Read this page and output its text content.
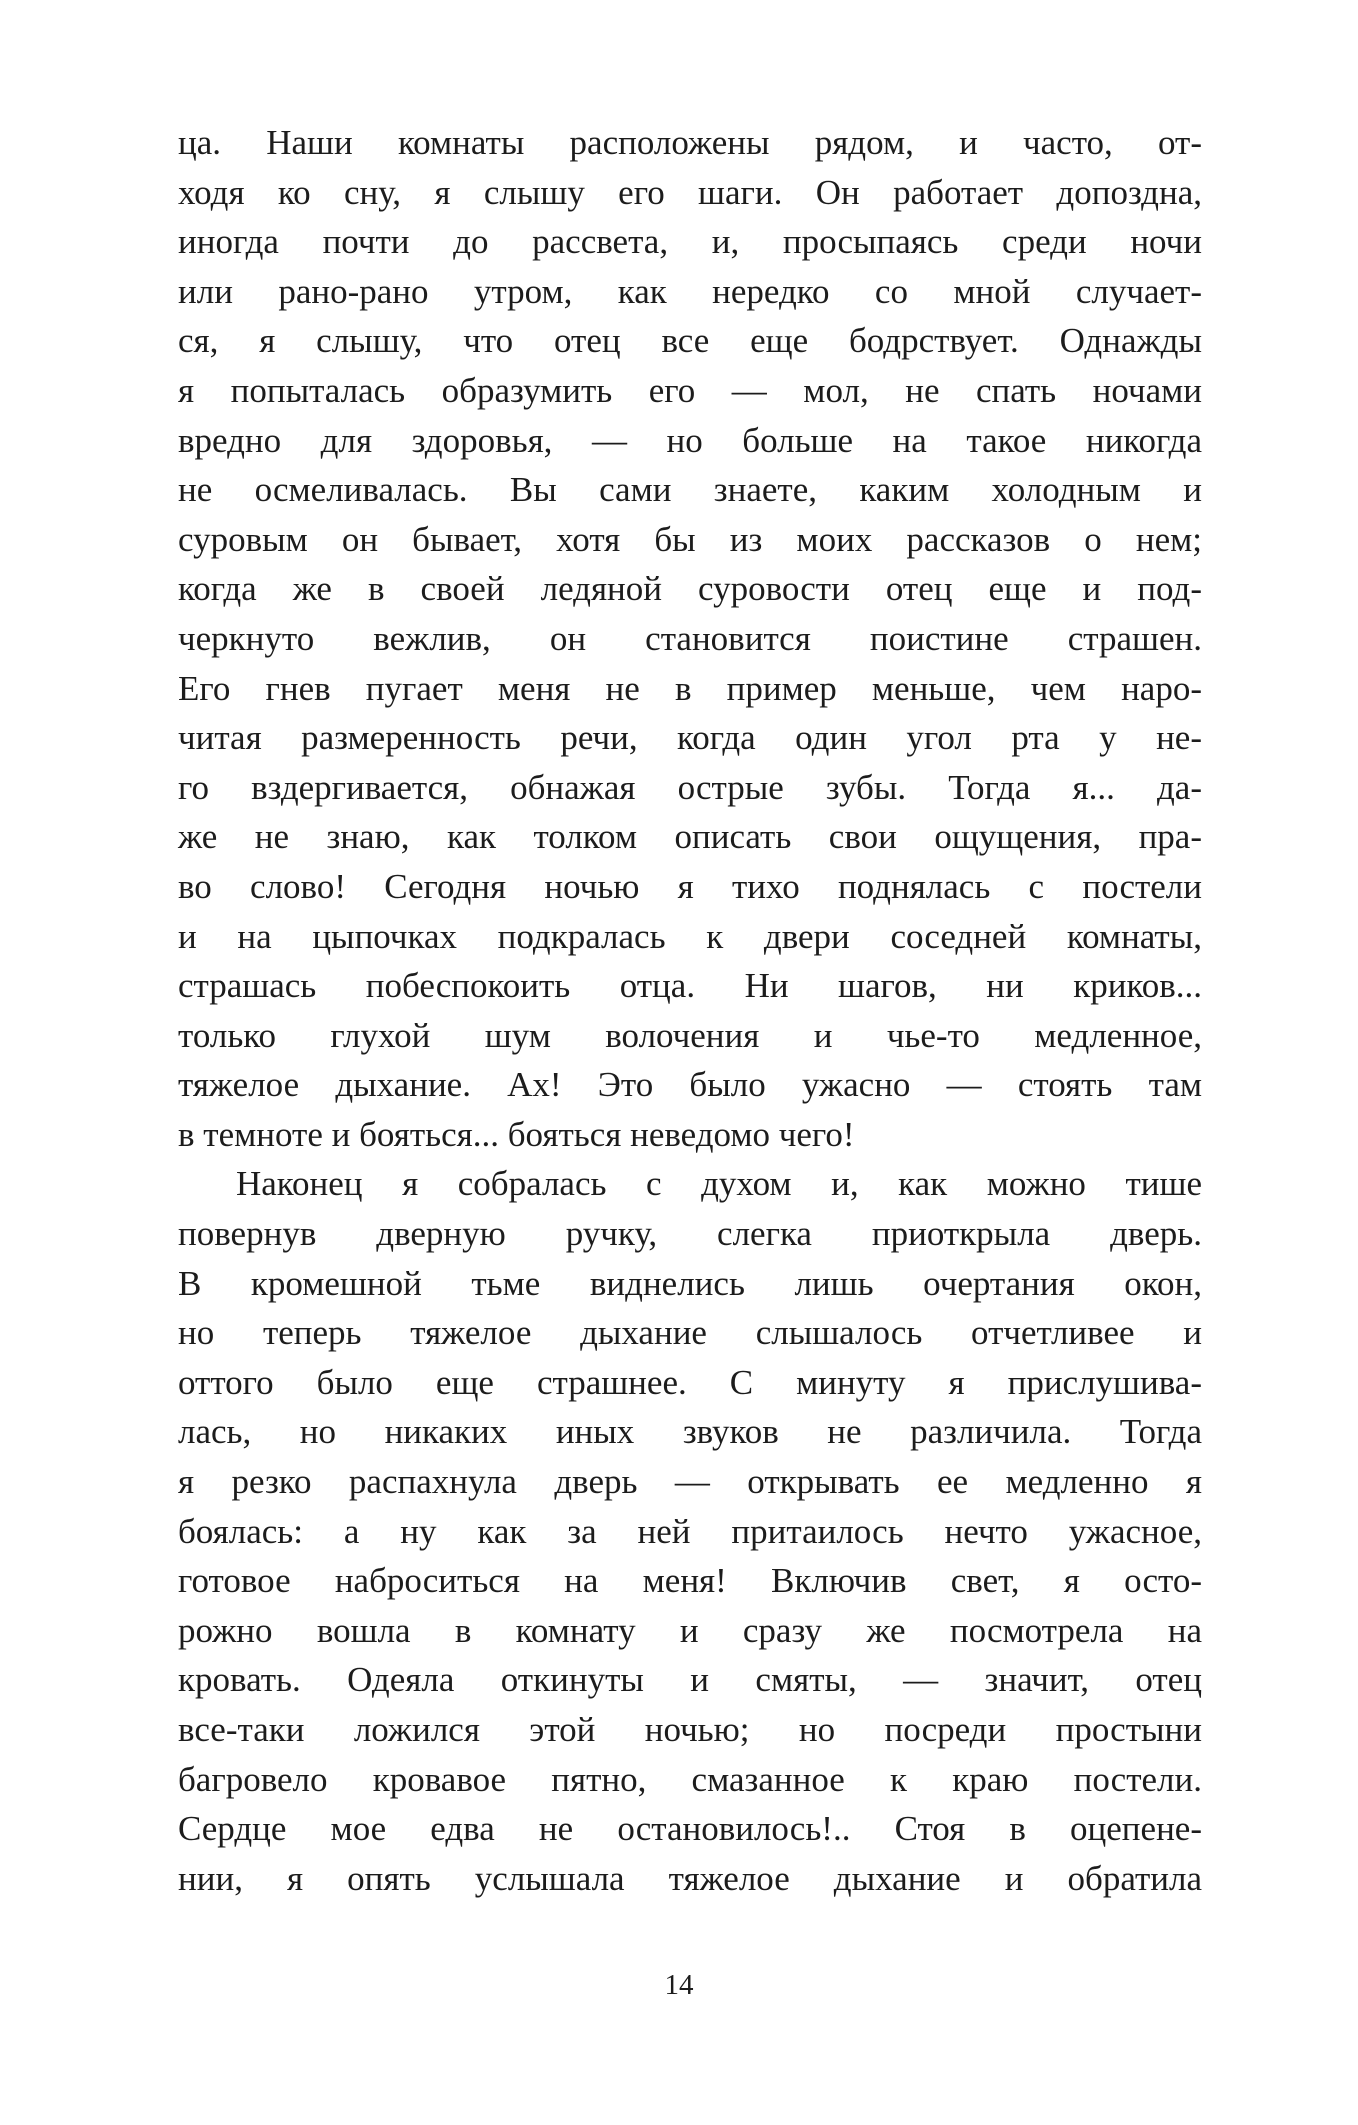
ца. Наши комнаты расположены рядом, и часто, от-
ходя ко сну, я слышу его шаги. Он работает допоздна,
иногда почти до рассвета, и, просыпаясь среди ночи
или рано-рано утром, как нередко со мной случает-
ся, я слышу, что отец все еще бодрствует. Однажды
я попыталась образумить его — мол, не спать ночами
вредно для здоровья, — но больше на такое никогда
не осмеливалась. Вы сами знаете, каким холодным и
суровым он бывает, хотя бы из моих рассказов о нем;
когда же в своей ледяной суровости отец еще и под-
черкнуто вежлив, он становится поистине страшен.
Его гнев пугает меня не в пример меньше, чем наро-
читая размеренность речи, когда один угол рта у не-
го вздергивается, обнажая острые зубы. Тогда я... да-
же не знаю, как толком описать свои ощущения, пра-
во слово! Сегодня ночью я тихо поднялась с постели
и на цыпочках подкралась к двери соседней комнаты,
страшась побеспокоить отца. Ни шагов, ни криков...
только глухой шум волочения и чье-то медленное,
тяжелое дыхание. Ах! Это было ужасно — стоять там
в темноте и бояться... бояться неведомо чего!
Наконец я собралась с духом и, как можно тише
повернув дверную ручку, слегка приоткрыла дверь.
В кромешной тьме виднелись лишь очертания окон,
но теперь тяжелое дыхание слышалось отчетливее и
оттого было еще страшнее. С минуту я прислушива-
лась, но никаких иных звуков не различила. Тогда
я резко распахнула дверь — открывать ее медленно я
боялась: а ну как за ней притаилось нечто ужасное,
готовое наброситься на меня! Включив свет, я осто-
рожно вошла в комнату и сразу же посмотрела на
кровать. Одеяла откинуты и смяты, — значит, отец
все-таки ложился этой ночью; но посреди простыни
багровело кровавое пятно, смазанное к краю постели.
Сердце мое едва не остановилось!.. Стоя в оцепене-
нии, я опять услышала тяжелое дыхание и обратила
14
